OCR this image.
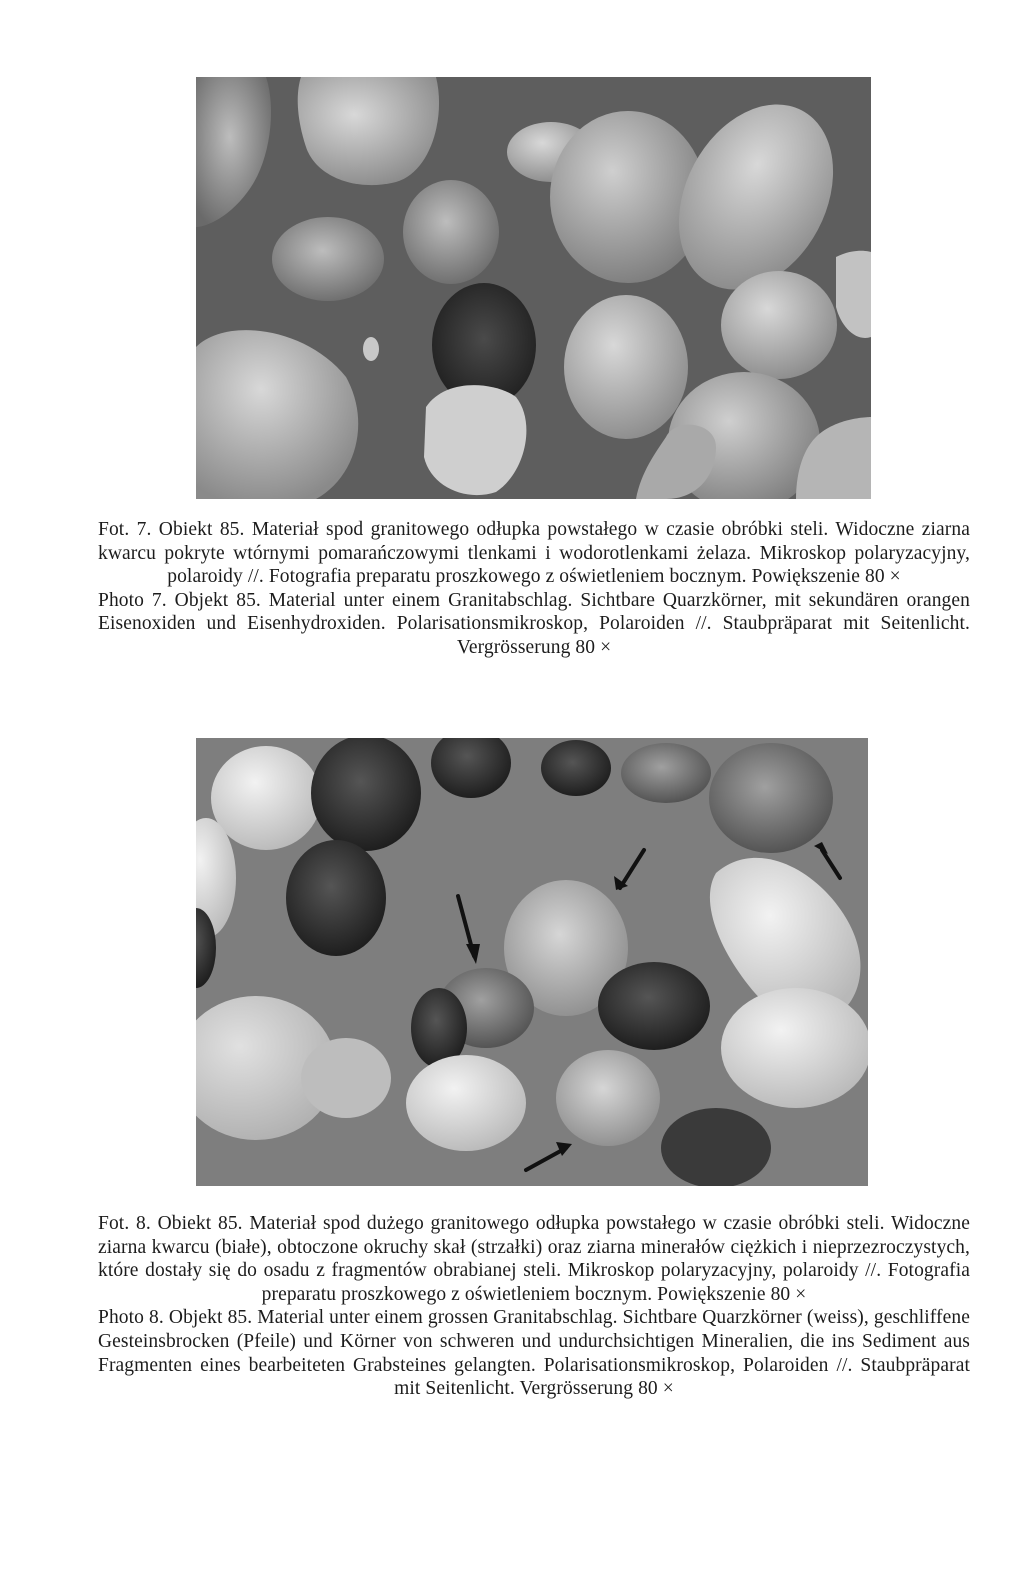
Fot. 7. Obiekt 85. Materiał spod granitowego odłupka powstałego w czasie obróbki steli. Widoczne ziarna kwarcu pokryte wtórnymi pomarańczowymi tlenkami i wodorotlenkami żelaza. Mikroskop polaryzacyjny, polaroidy //. Fotografia preparatu proszkowego z oświetleniem bocznym. Powiększenie 80 ×

Photo 7. Objekt 85. Material unter einem Granitabschlag. Sichtbare Quarzkörner, mit sekundären orangen Eisenoxiden und Eisenhydroxiden. Polarisationsmikroskop, Polaroiden //. Staubpräparat mit Seitenlicht. Vergrösserung 80 ×

Fot. 8. Obiekt 85. Materiał spod dużego granitowego odłupka powstałego w czasie obróbki steli. Widoczne ziarna kwarcu (białe), obtoczone okruchy skał (strzałki) oraz ziarna minerałów ciężkich i nieprzezroczystych, które dostały się do osadu z fragmentów obrabianej steli. Mikroskop polaryzacyjny, polaroidy //. Fotografia preparatu proszkowego z oświetleniem bocznym. Powiększenie 80 ×

Photo 8. Objekt 85. Material unter einem grossen Granitabschlag. Sichtbare Quarzkörner (weiss), geschliffene Gesteinsbrocken (Pfeile) und Körner von schweren und undurchsichtigen Mineralien, die ins Sediment aus Fragmenten eines bearbeiteten Grabsteines gelangten. Polarisationsmikroskop, Polaroiden //. Staubpräparat mit Seitenlicht. Vergrösserung 80 ×
